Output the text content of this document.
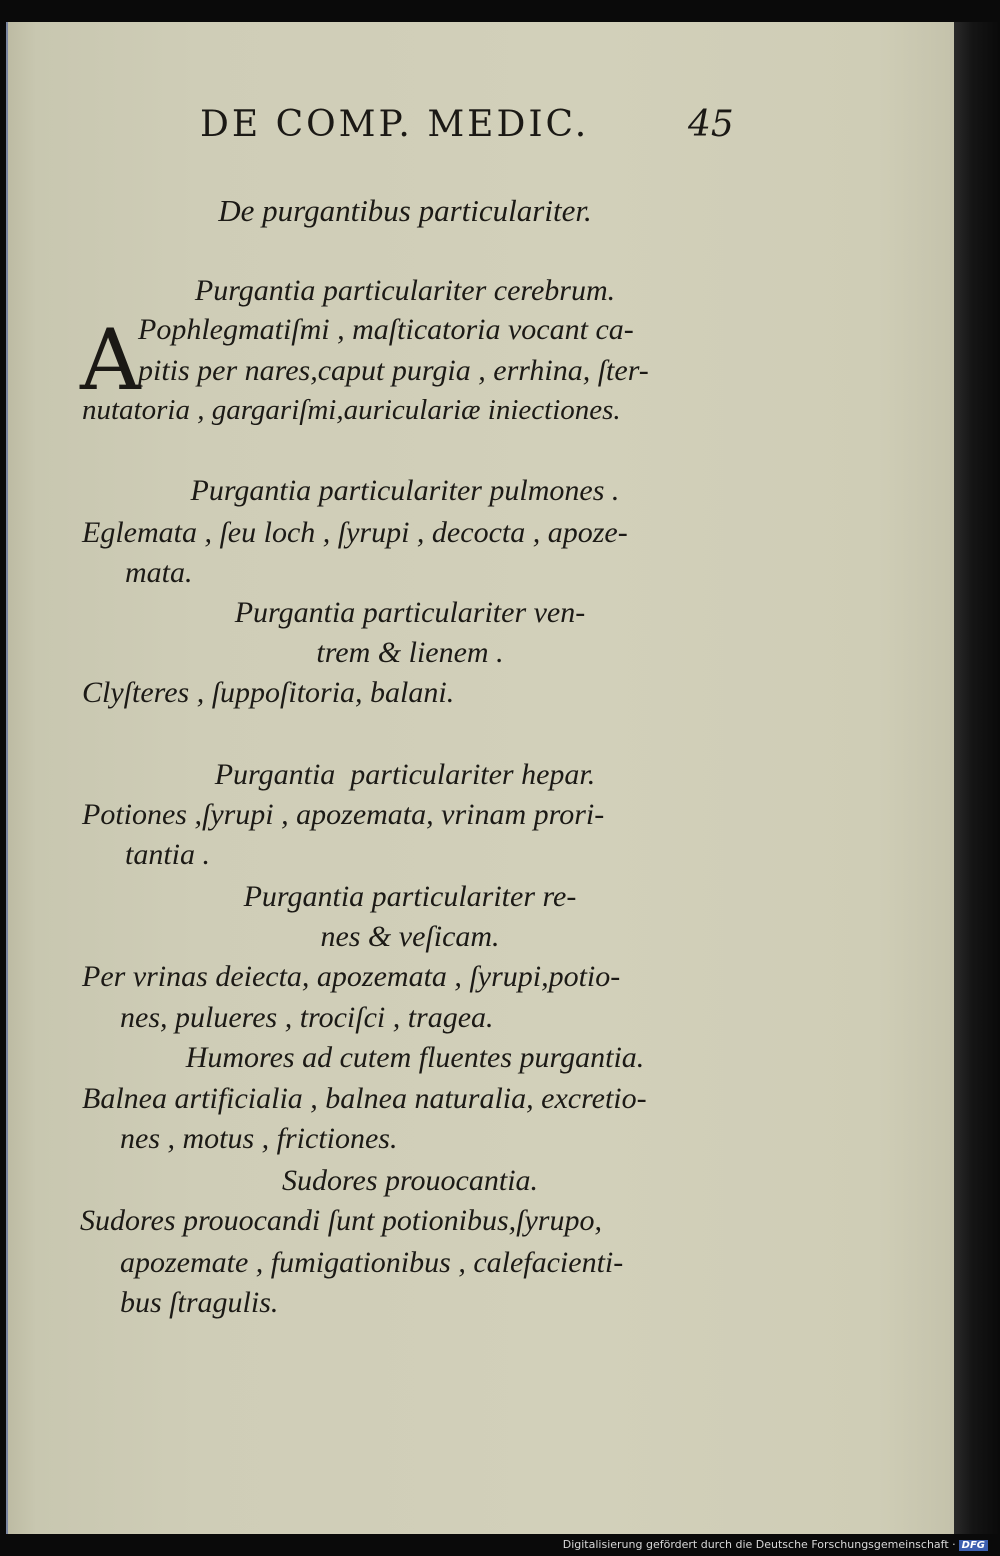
DE COMP. MEDIC.	45
De purgantibus particulariter.
Purgantia particulariter cerebrum.
A
Pophlegmatiſmi , maſticatoria vocant ca-
pitis per nares,caput purgia , errhina, ſter-
nutatoria , gargariſmi,auriculariæ iniectiones.
Purgantia particulariter pulmones .
Eglemata , ſeu loch , ſyrupi , decocta , apoze-
mata.
Purgantia particulariter ven-
trem & lienem .
Clyſteres , ſuppoſitoria, balani.
Purgantia  particulariter hepar.
Potiones ,ſyrupi , apozemata, vrinam prori-
tantia .
Purgantia particulariter re-
nes & veſicam.
Per vrinas deiecta, apozemata , ſyrupi,potio-
nes, pulueres , trociſci , tragea.
Humores ad cutem fluentes purgantia.
Balnea artificialia , balnea naturalia, excretio-
nes , motus , frictiones.
Sudores prouocantia.
Sudores prouocandi ſunt potionibus,ſyrupo,
apozemate , fumigationibus , calefacienti-
bus ſtragulis.
Digitalisierung gefördert durch die Deutsche Forschungsgemeinschaft · DFG
